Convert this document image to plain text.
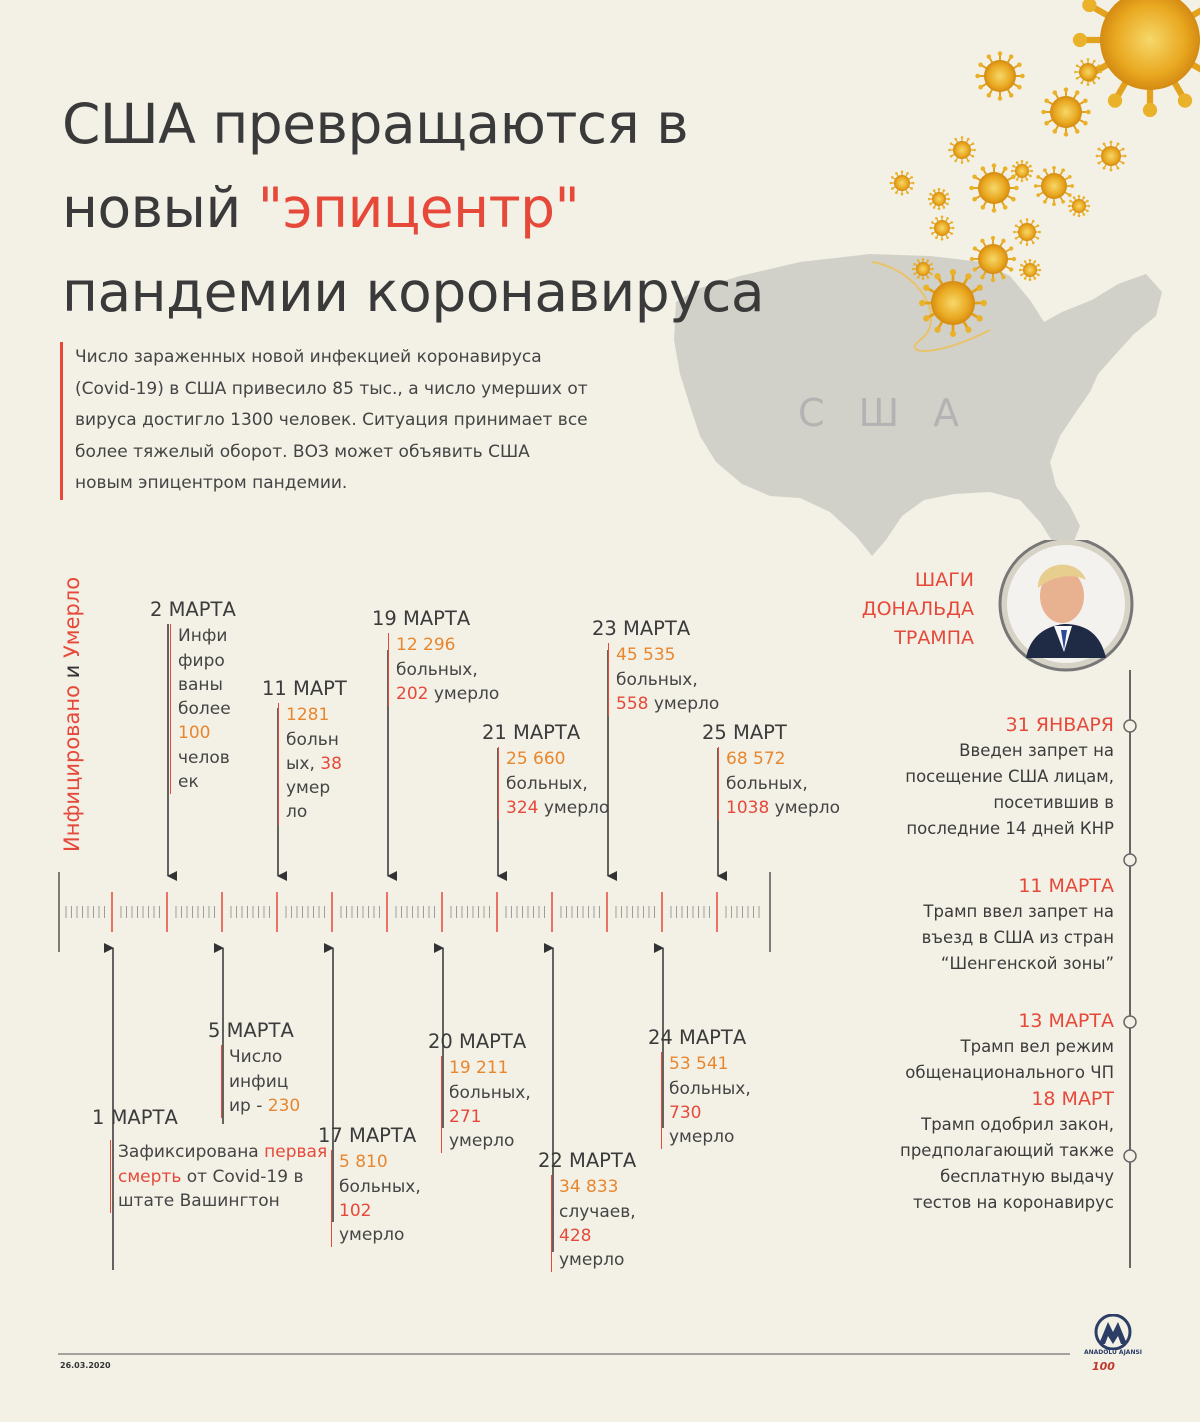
США
США превращаются в
новый "эпицентр"
пандемии коронавируса
Число зараженных новой инфекцией коронавируса
(Covid-19) в США привесило 85 тыс., а число умерших от
вируса достигло 1300 человек. Ситуация принимает все
более тяжелый оборот. ВОЗ может объявить США
новым эпицентром пандемии.
Инфицировано и Умерло	2 МАРТА
Инфи
фиро
ваны
более
100
челов
ек
11 МАРТ
1281
больн
ых, 38
умер
ло
19 МАРТА
12 296
больных,
202 умерло
21 МАРТА
25 660
больных,
324 умерло
23 МАРТА
45 535
больных,
558 умерло
25 МАРТ
68 572
больных,
1038 умерло
1 МАРТА
Зафиксирована первая
смерть от Covid-19 в
штате Вашингтон
5 МАРТА
Число
инфиц
ир - 230
17 МАРТА
5 810
больных,
102
умерло
20 МАРТА
19 211
больных,
271
умерло
22 МАРТА
34 833
случаев,
428
умерло
24 МАРТА
53 541
больных,
730
умерло
ШАГИ
ДОНАЛЬДА
ТРАМПА
31 ЯНВАРЯ
Введен запрет на
посещение США лицам,
посетившив в
последние 14 дней КНР
11 МАРТА
Трамп ввел запрет на
въезд в США из стран
“Шенгенской зоны”
13 МАРТА
Трамп вел режим
общенационального ЧП
18 МАРТ
Трамп одобрил закон,
предполагающий также
бесплатную выдачу
тестов на коронавирус
26.03.2020
ANADOLU AJANSI
100
